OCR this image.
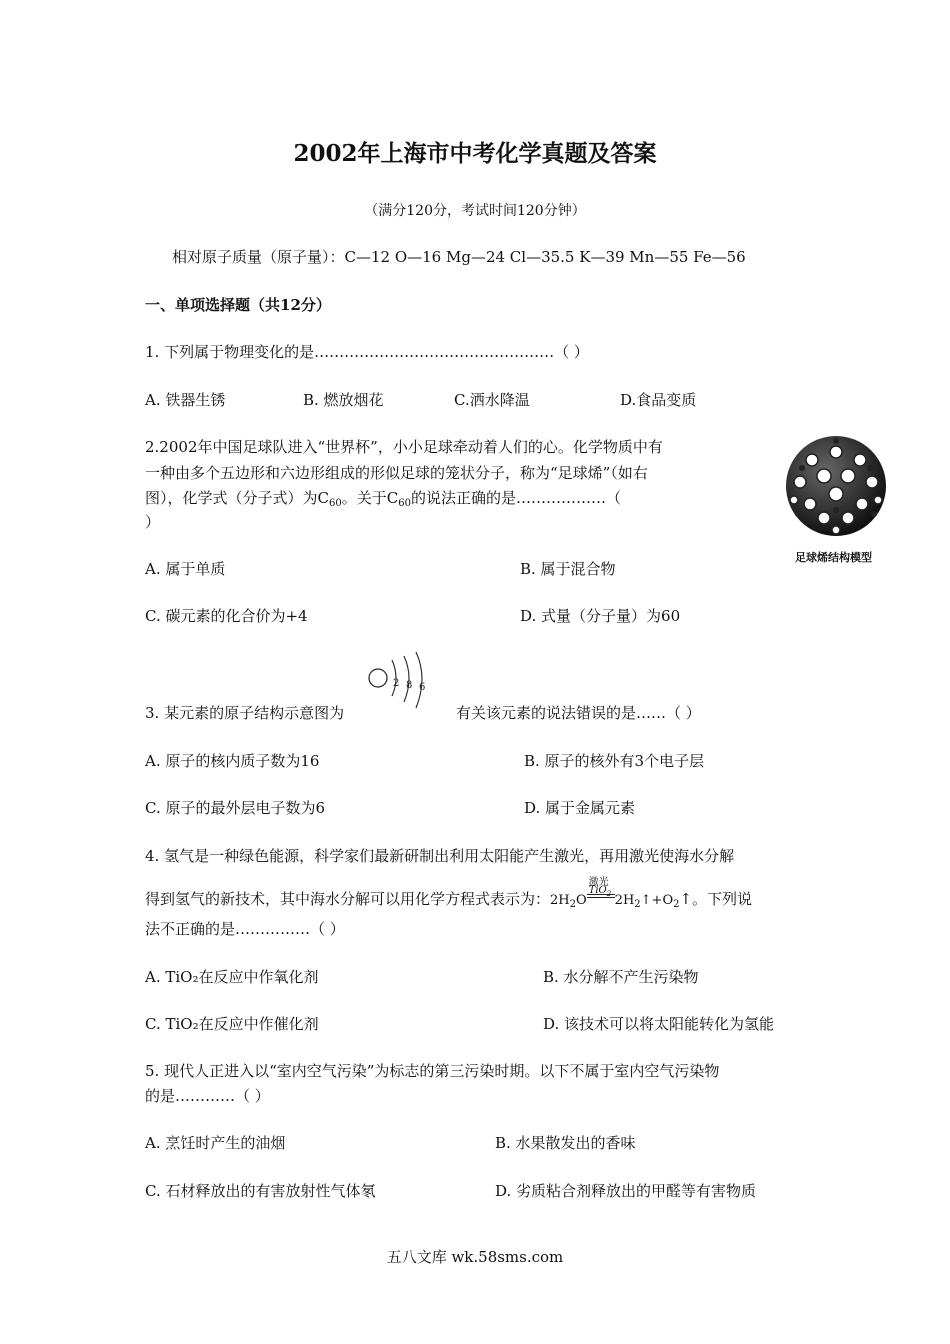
2002年上海市中考化学真题及答案
（满分120分，考试时间120分钟）
相对原子质量（原子量）：C—12 O—16 Mg—24 Cl—35.5 K—39 Mn—55 Fe—56
一、单项选择题（共12分）
1. 下列属于物理变化的是…………………………………………（ ）
A. 铁器生锈	B. 燃放烟花	C.洒水降温	D.食品变质
2.2002年中国足球队进入“世界杯”，小小足球牵动着人们的心。化学物质中有
一种由多个五边形和六边形组成的形似足球的笼状分子，称为“足球烯”（如右
图），化学式（分子式）为$C_{60}$。关于$C_{60}$的说法正确的是………………（
）
足球烯结构模型
A. 属于单质	B. 属于混合物
C. 碳元素的化合价为+4	D. 式量（分子量）为60
3. 某元素的原子结构示意图为
2 8 6
有关该元素的说法错误的是……（ ）
A. 原子的核内质子数为16	B. 原子的核外有3个电子层
C. 原子的最外层电子数为6	D. 属于金属元素
4. 氢气是一种绿色能源，科学家们最新研制出利用太阳能产生激光，再用激光使海水分解
得到氢气的新技术，其中海水分解可以用化学方程式表示为：$2H_2O$
激光
TiO$_2$ $2H_2↑+O_2↑$。下列说
法不正确的是……………（ ）
A. TiO₂在反应中作氧化剂	B. 水分解不产生污染物
C. TiO₂在反应中作催化剂	D. 该技术可以将太阳能转化为氢能
5. 现代人正进入以“室内空气污染”为标志的第三污染时期。以下不属于室内空气污染物
的是…………（ ）
A. 烹饪时产生的油烟	B. 水果散发出的香味
C. 石材释放出的有害放射性气体氡	D. 劣质粘合剂释放出的甲醛等有害物质
五八文库 wk.58sms.com
